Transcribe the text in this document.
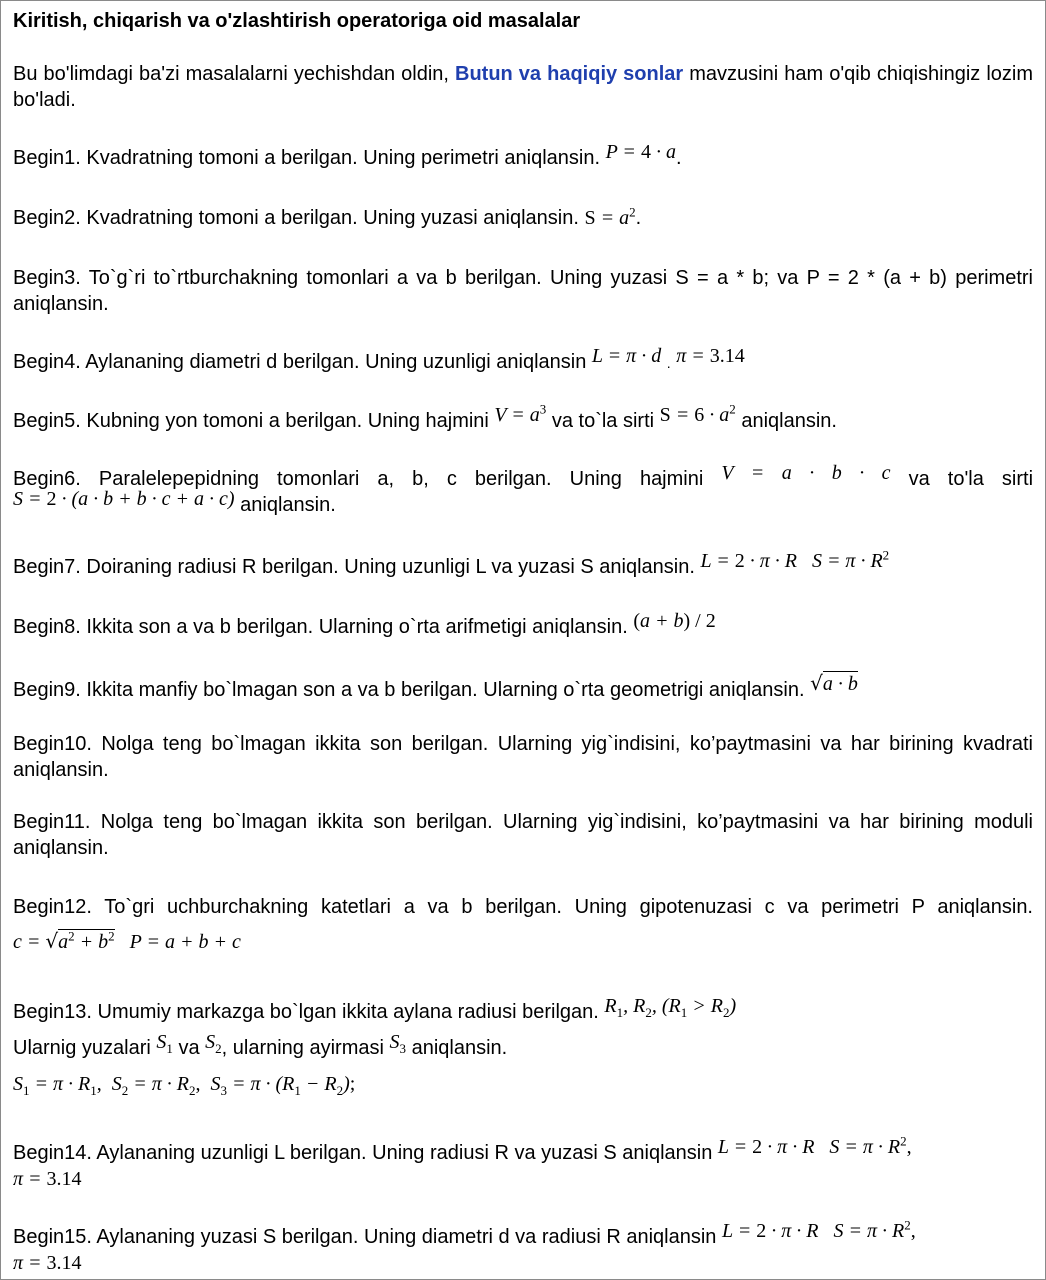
Kiritish, chiqarish va o'zlashtirish operatoriga oid masalalar

Bu bo'limdagi ba'zi masalalarni yechishdan oldin, Butun va haqiqiy sonlar mavzusini ham o'qib chiqishingiz lozim bo'ladi.

Begin1. Kvadratning tomoni a berilgan. Uning perimetri aniqlansin. P = 4 · a.

Begin2. Kvadratning tomoni a berilgan. Uning yuzasi aniqlansin. $S = a^2$.

Begin3. To`g`ri to`rtburchakning tomonlari a va b berilgan. Uning yuzasi S = a * b; va P = 2 * (a + b) perimetri aniqlansin.

Begin4. Aylananing diametri d berilgan. Uning uzunligi aniqlansin L = π · d . π = 3.14

Begin5. Kubning yon tomoni a berilgan. Uning hajmini $V = a^3$ va to`la sirti $S = 6 \cdot a^2$ aniqlansin.

Begin6. Paralelepepidning tomonlari a, b, c berilgan. Uning hajmini V = a · b · c va to'la sirti S = 2 · (a · b + b · c + a · c) aniqlansin.

Begin7. Doiraning radiusi R berilgan. Uning uzunligi L va yuzasi S aniqlansin. L = 2 · π · R   $S = \pi \cdot R^2$

Begin8. Ikkita son a va b berilgan. Ularning o`rta arifmetigi aniqlansin. (a + b) / 2

Begin9. Ikkita manfiy bo`lmagan son a va b berilgan. Ularning o`rta geometrigi aniqlansin. √a · b

Begin10. Nolga teng bo`lmagan ikkita son berilgan. Ularning yig`indisini, ko’paytmasini va har birining kvadrati aniqlansin.

Begin11. Nolga teng bo`lmagan ikkita son berilgan. Ularning yig`indisini, ko’paytmasini va har birining moduli aniqlansin.

Begin12. To`gri uchburchakning katetlari a va b berilgan. Uning gipotenuzasi c va perimetri P aniqlansin. $c = √a^2 + b^2$   P = a + b + c

Begin13. Umumiy markazga bo`lgan ikkita aylana radiusi berilgan. $R_1$, $R_2$, $(R_1 > R_2)$
Ularnig yuzalari $S_1$ va $S_2$, ularning ayirmasi $S_3$ aniqlansin.
$S_1 = \pi \cdot R_1$,  $S_2 = \pi \cdot R_2$,  $S_3 = \pi \cdot (R_1 - R_2)$;

Begin14. Aylananing uzunligi L berilgan. Uning radiusi R va yuzasi S aniqlansin L = 2 · π · R   $S = \pi \cdot R^2$,
π = 3.14

Begin15. Aylananing yuzasi S berilgan. Uning diametri d va radiusi R aniqlansin L = 2 · π · R   $S = \pi \cdot R^2$,
π = 3.14
